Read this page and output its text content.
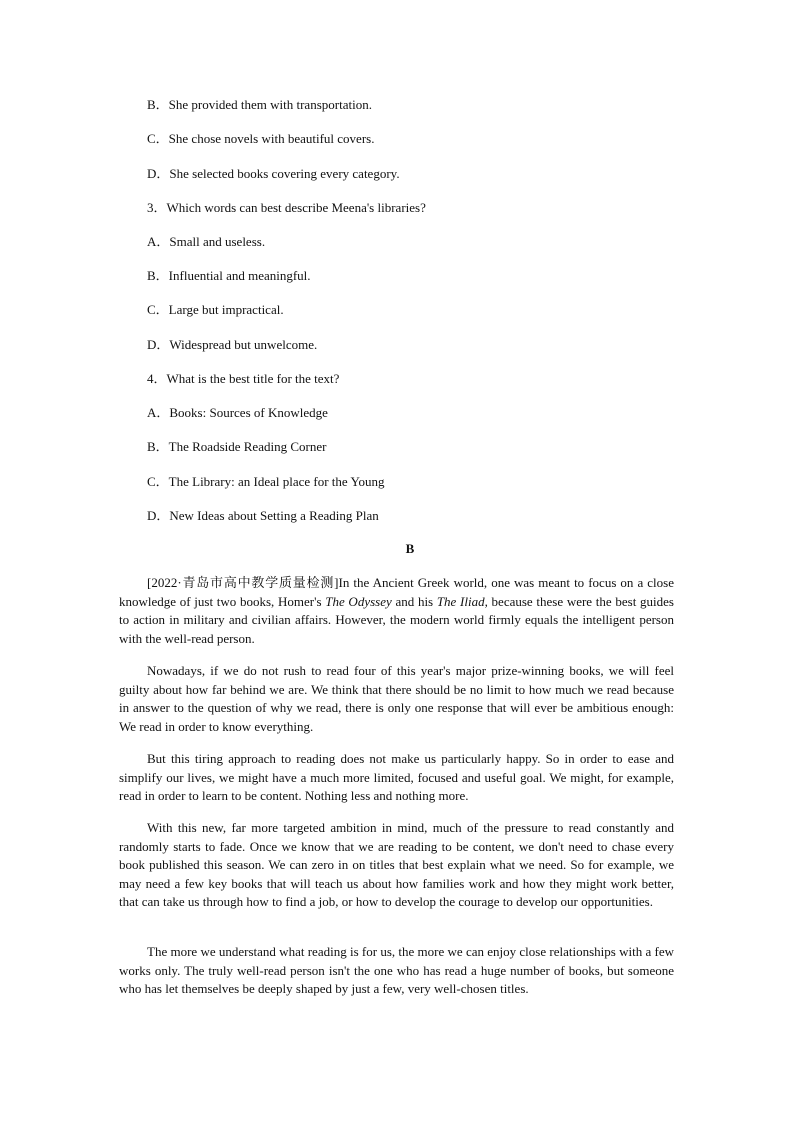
B．She provided them with transportation.
C．She chose novels with beautiful covers.
D．She selected books covering every category.
3．Which words can best describe Meena's libraries?
A．Small and useless.
B．Influential and meaningful.
C．Large but impractical.
D．Widespread but unwelcome.
4．What is the best title for the text?
A．Books: Sources of Knowledge
B．The Roadside Reading Corner
C．The Library: an Ideal place for the Young
D．New Ideas about Setting a Reading Plan
B

[2022·青岛市高中教学质量检测]In the Ancient Greek world, one was meant to focus on a close knowledge of just two books, Homer's The Odyssey and his The Iliad, because these were the best guides to action in military and civilian affairs. However, the modern world firmly equals the intelligent person with the well-read person.

Nowadays, if we do not rush to read four of this year's major prize-winning books, we will feel guilty about how far behind we are. We think that there should be no limit to how much we read because in answer to the question of why we read, there is only one response that will ever be ambitious enough: We read in order to know everything.

But this tiring approach to reading does not make us particularly happy. So in order to ease and simplify our lives, we might have a much more limited, focused and useful goal. We might, for example, read in order to learn to be content. Nothing less and nothing more.

With this new, far more targeted ambition in mind, much of the pressure to read constantly and randomly starts to fade. Once we know that we are reading to be content, we don't need to chase every book published this season. We can zero in on titles that best explain what we need. So for example, we may need a few key books that will teach us about how families work and how they might work better, that can take us through how to find a job, or how to develop the courage to develop our opportunities.

The more we understand what reading is for us, the more we can enjoy close relationships with a few works only. The truly well-read person isn't the one who has read a huge number of books, but someone who has let themselves be deeply shaped by just a few, very well-chosen titles.
